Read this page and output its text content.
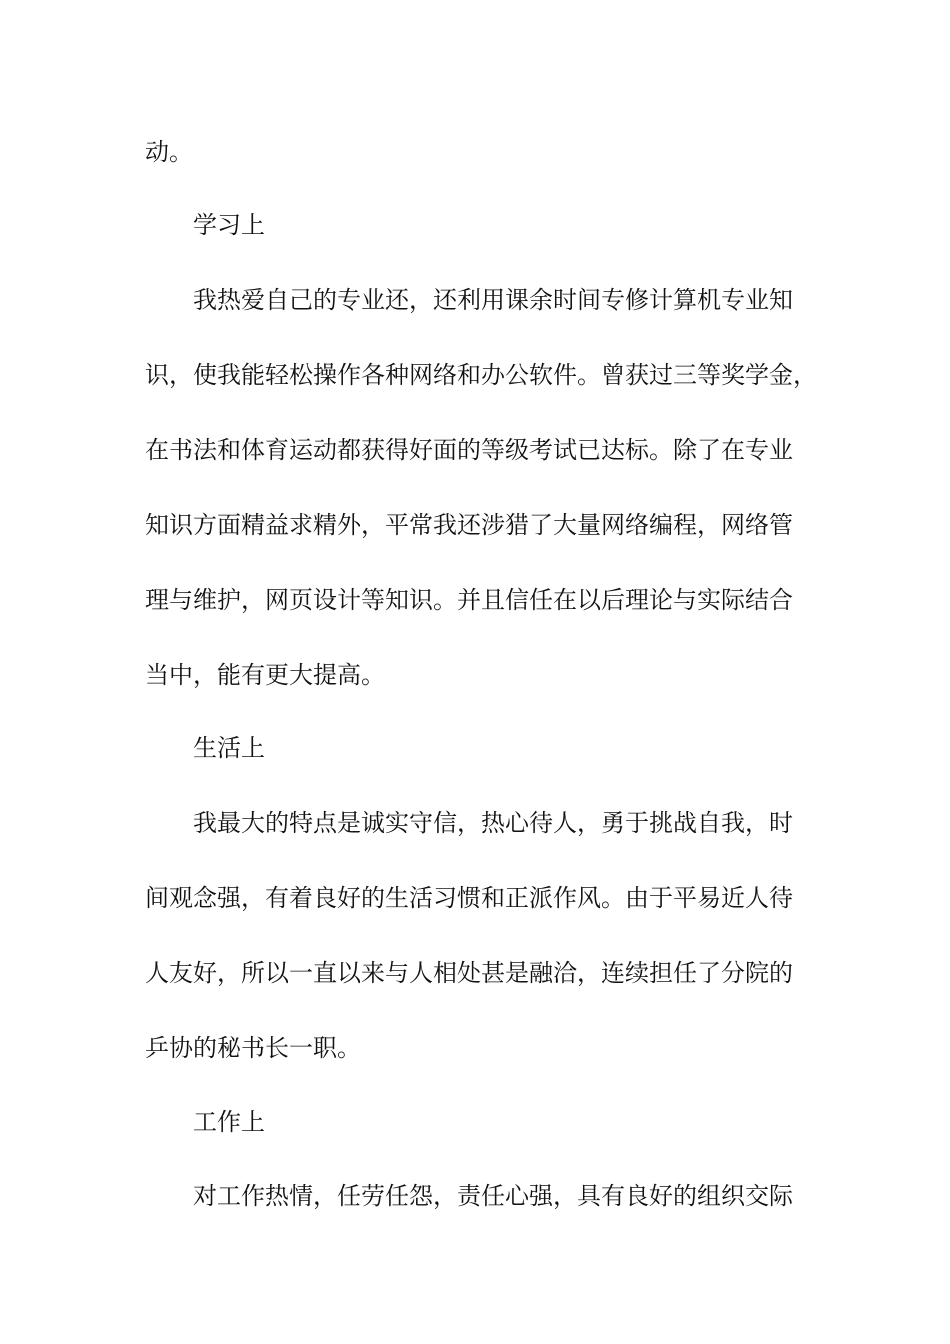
动。
学习上
我热爱自己的专业还，还利用课余时间专修计算机专业知
识，使我能轻松操作各种网络和办公软件。曾获过三等奖学金，
在书法和体育运动都获得好面的等级考试已达标。除了在专业
知识方面精益求精外，平常我还涉猎了大量网络编程，网络管
理与维护，网页设计等知识。并且信任在以后理论与实际结合
当中，能有更大提高。
生活上
我最大的特点是诚实守信，热心待人，勇于挑战自我，时
间观念强，有着良好的生活习惯和正派作风。由于平易近人待
人友好，所以一直以来与人相处甚是融洽，连续担任了分院的
乒协的秘书长一职。
工作上
对工作热情，任劳任怨，责任心强，具有良好的组织交际
